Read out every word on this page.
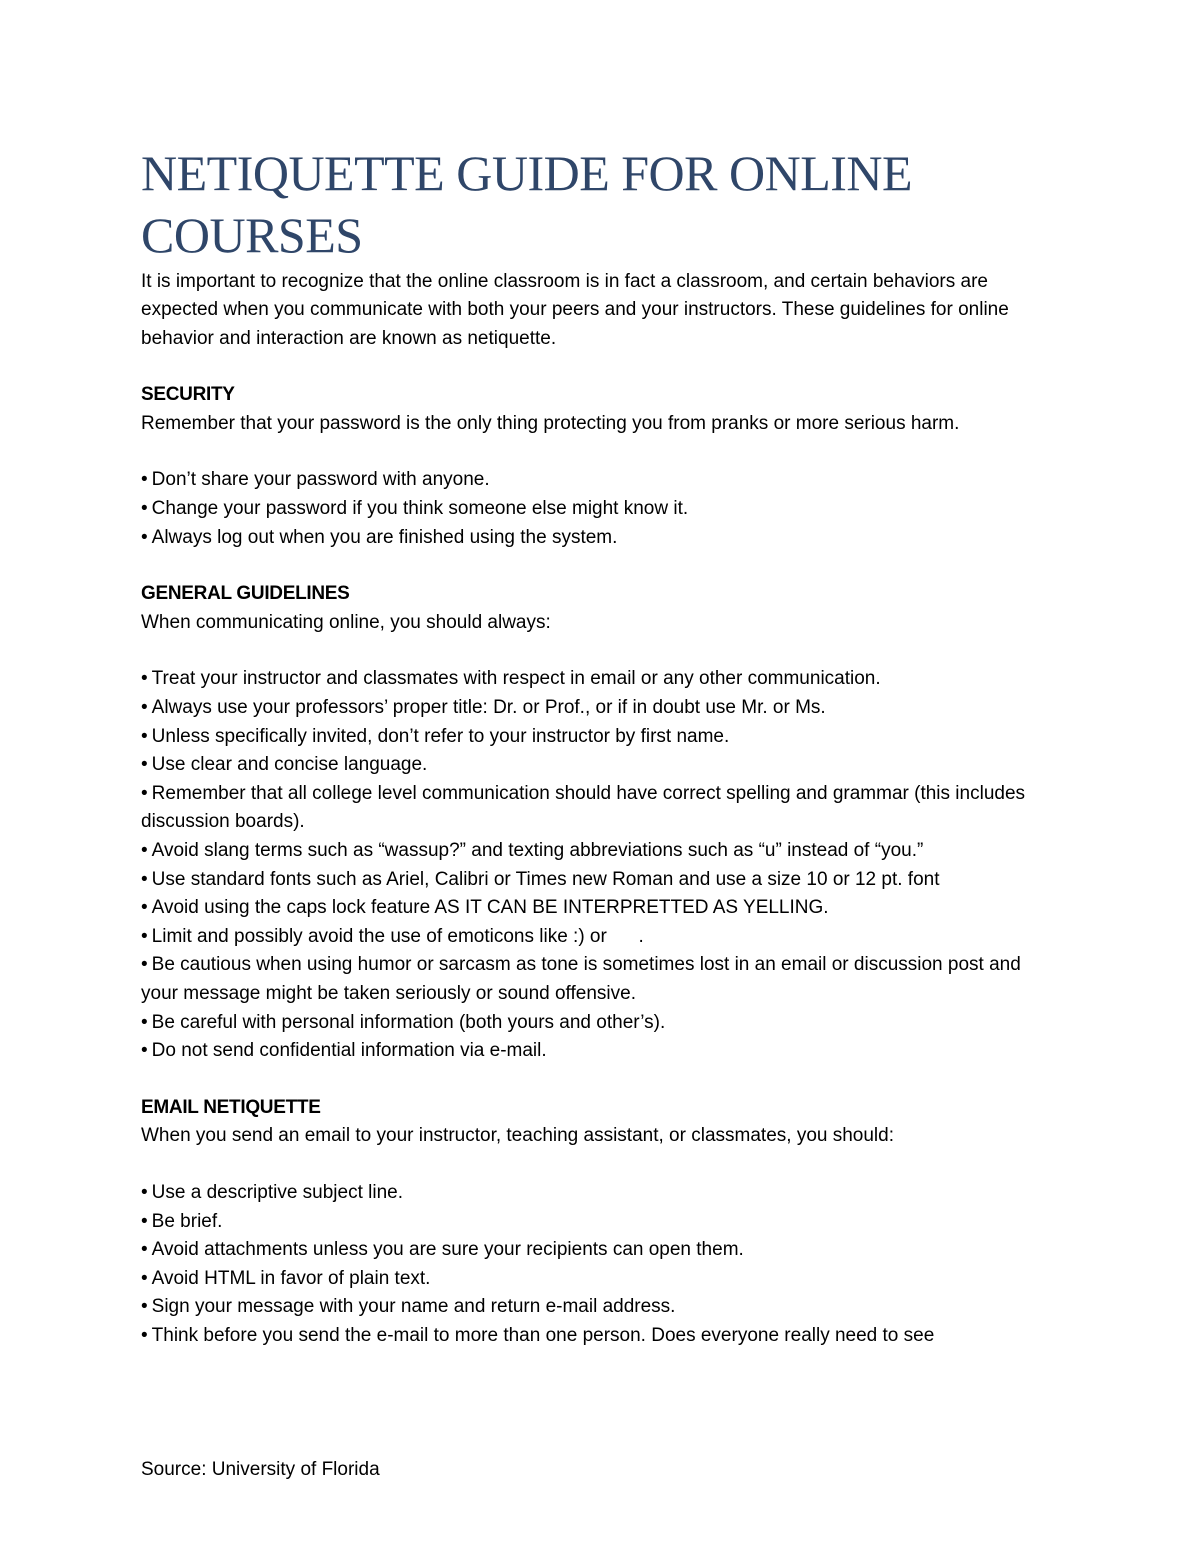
NETIQUETTE GUIDE FOR ONLINE COURSES

It is important to recognize that the online classroom is in fact a classroom, and certain behaviors are expected when you communicate with both your peers and your instructors. These guidelines for online behavior and interaction are known as netiquette.

SECURITY

Remember that your password is the only thing protecting you from pranks or more serious harm.

• Don’t share your password with anyone.
• Change your password if you think someone else might know it.
• Always log out when you are finished using the system.

GENERAL GUIDELINES

When communicating online, you should always:

• Treat your instructor and classmates with respect in email or any other communication.
• Always use your professors’ proper title: Dr. or Prof., or if in doubt use Mr. or Ms.
• Unless specifically invited, don’t refer to your instructor by first name.
• Use clear and concise language.
• Remember that all college level communication should have correct spelling and grammar (this includes discussion boards).
• Avoid slang terms such as “wassup?” and texting abbreviations such as “u” instead of “you.”
• Use standard fonts such as Ariel, Calibri or Times new Roman and use a size 10 or 12 pt. font
• Avoid using the caps lock feature AS IT CAN BE INTERPRETTED AS YELLING.
• Limit and possibly avoid the use of emoticons like :) or      .
• Be cautious when using humor or sarcasm as tone is sometimes lost in an email or discussion post and your message might be taken seriously or sound offensive.
• Be careful with personal information (both yours and other’s).
• Do not send confidential information via e-mail.

EMAIL NETIQUETTE

When you send an email to your instructor, teaching assistant, or classmates, you should:

• Use a descriptive subject line.
• Be brief.
• Avoid attachments unless you are sure your recipients can open them.
• Avoid HTML in favor of plain text.
• Sign your message with your name and return e-mail address.
• Think before you send the e-mail to more than one person. Does everyone really need to see
Source: University of Florida
